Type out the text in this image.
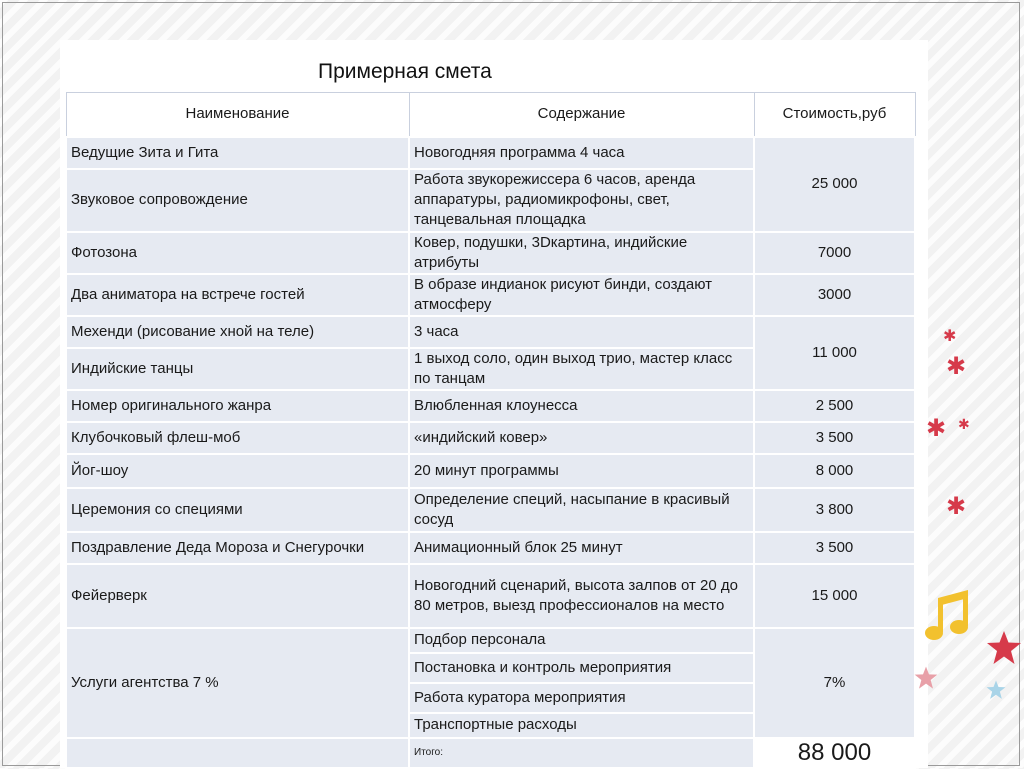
Примерная смета
Наименование	Содержание	Стоимость,руб
Ведущие Зита и Гита	Новогодняя программа 4 часа	25 000
Звуковое сопровождение	Работа звукорежиссера 6 часов, аренда аппаратуры, радиомикрофоны, свет, танцевальная площадка	
Фотозона	Ковер, подушки, 3Dкартина, индийские атрибуты	7000
Два аниматора на встрече гостей	В образе индианок рисуют бинди, создают атмосферу	3000
Мехенди (рисование хной на теле)	3 часа	11 000
Индийские танцы	1 выход соло, один выход трио, мастер класс по танцам	
Номер оригинального жанра	Влюбленная клоунесса	2 500
Клубочковый флеш-моб	«индийский ковер»	3 500
Йог-шоу	20 минут программы	8 000
Церемония со специями	Определение специй, насыпание в красивый сосуд	3 800
Поздравление Деда Мороза и Снегурочки	Анимационный блок 25 минут	3 500
Фейерверк	Новогодний сценарий, высота залпов от 20 до 80 метров, выезд профессионалов на место	15 000
Услуги агентства 7 %	Подбор персонала	7%
	Постановка и контроль мероприятия	
	Работа куратора мероприятия	
	Транспортные расходы	
	Итого:	88 000
✱
✱
✱ ✱
✱
